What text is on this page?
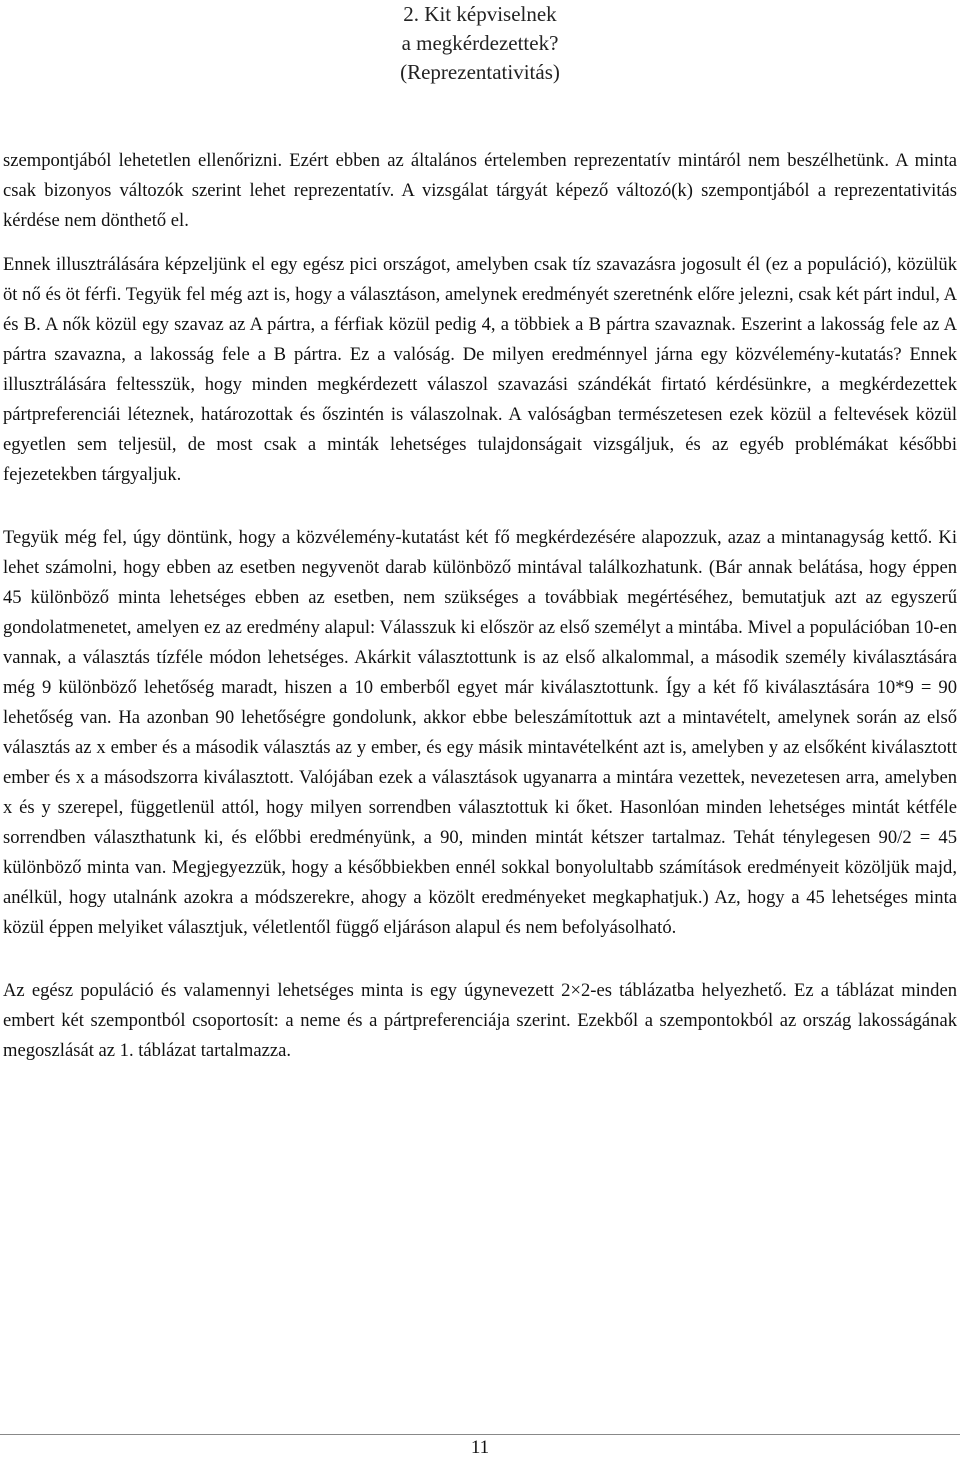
2. Kit képviselnek
a megkérdezettek?
(Reprezentativitás)

szempontjából lehetetlen ellenőrizni. Ezért ebben az általános értelemben reprezentatív mintáról nem beszélhetünk. A minta csak bizonyos változók szerint lehet reprezentatív. A vizsgálat tárgyát képező változó(k) szempontjából a reprezentativitás kérdése nem dönthető el.

Ennek illusztrálására képzeljünk el egy egész pici országot, amelyben csak tíz szavazásra jogosult él (ez a populáció), közülük öt nő és öt férfi. Tegyük fel még azt is, hogy a választáson, amelynek eredményét szeretnénk előre jelezni, csak két párt indul, A és B. A nők közül egy szavaz az A pártra, a férfiak közül pedig 4, a többiek a B pártra szavaznak. Eszerint a lakosság fele az A pártra szavazna, a lakosság fele a B pártra. Ez a valóság. De milyen eredménnyel járna egy közvélemény-kutatás? Ennek illusztrálására feltesszük, hogy minden megkérdezett válaszol szavazási szándékát firtató kérdésünkre, a megkérdezettek pártpreferenciái léteznek, határozottak és őszintén is válaszolnak. A valóságban természetesen ezek közül a feltevések közül egyetlen sem teljesül, de most csak a minták lehetséges tulajdonságait vizsgáljuk, és az egyéb problémákat későbbi fejezetekben tárgyaljuk.

Tegyük még fel, úgy döntünk, hogy a közvélemény-kutatást két fő megkérdezésére alapozzuk, azaz a mintanagyság kettő. Ki lehet számolni, hogy ebben az esetben negyvenöt darab különböző mintával találkozhatunk. (Bár annak belátása, hogy éppen 45 különböző minta lehetséges ebben az esetben, nem szükséges a továbbiak megértéséhez, bemutatjuk azt az egyszerű gondolatmenetet, amelyen ez az eredmény alapul: Válasszuk ki először az első személyt a mintába. Mivel a populációban 10-en vannak, a választás tízféle módon lehetséges. Akárkit választottunk is az első alkalommal, a második személy kiválasztására még 9 különböző lehetőség maradt, hiszen a 10 emberből egyet már kiválasztottunk. Így a két fő kiválasztására 10*9 = 90 lehetőség van. Ha azonban 90 lehetőségre gondolunk, akkor ebbe beleszámítottuk azt a mintavételt, amelynek során az első választás az x ember és a második választás az y ember, és egy másik mintavételként azt is, amelyben y az elsőként kiválasztott ember és x a másodszorra kiválasztott. Valójában ezek a választások ugyanarra a mintára vezettek, nevezetesen arra, amelyben x és y szerepel, függetlenül attól, hogy milyen sorrendben választottuk ki őket. Hasonlóan minden lehetséges mintát kétféle sorrendben választhatunk ki, és előbbi eredményünk, a 90, minden mintát kétszer tartalmaz. Tehát ténylegesen 90/2 = 45 különböző minta van. Megjegyezzük, hogy a későbbiekben ennél sokkal bonyolultabb számítások eredményeit közöljük majd, anélkül, hogy utalnánk azokra a módszerekre, ahogy a közölt eredményeket megkaphatjuk.) Az, hogy a 45 lehetséges minta közül éppen melyiket választjuk, véletlentől függő eljáráson alapul és nem befolyásolható.

Az egész populáció és valamennyi lehetséges minta is egy úgynevezett 2×2-es táblázatba helyezhető. Ez a táblázat minden embert két szempontból csoportosít: a neme és a pártpreferenciája szerint. Ezekből a szempontokból az ország lakosságának megoszlását az 1. táblázat tartalmazza.

11
